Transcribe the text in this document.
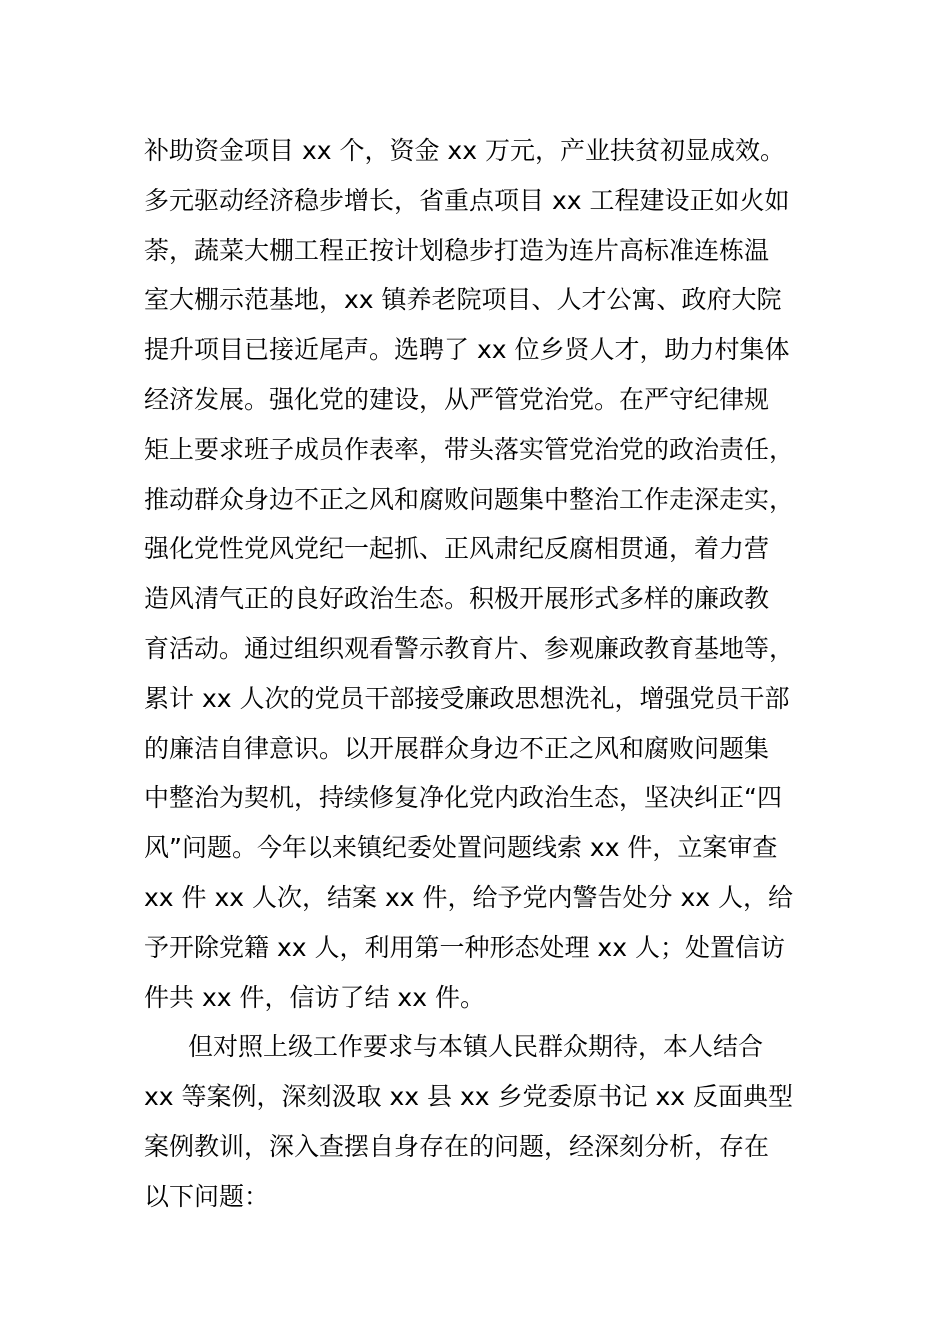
补助资金项目 xx 个，资金 xx 万元，产业扶贫初显成效。
多元驱动经济稳步增长，省重点项目 xx 工程建设正如火如
荼，蔬菜大棚工程正按计划稳步打造为连片高标准连栋温
室大棚示范基地，xx 镇养老院项目、人才公寓、政府大院
提升项目已接近尾声。选聘了 xx 位乡贤人才，助力村集体
经济发展。强化党的建设，从严管党治党。在严守纪律规
矩上要求班子成员作表率，带头落实管党治党的政治责任，
推动群众身边不正之风和腐败问题集中整治工作走深走实，
强化党性党风党纪一起抓、正风肃纪反腐相贯通，着力营
造风清气正的良好政治生态。积极开展形式多样的廉政教
育活动。通过组织观看警示教育片、参观廉政教育基地等，
累计 xx 人次的党员干部接受廉政思想洗礼，增强党员干部
的廉洁自律意识。以开展群众身边不正之风和腐败问题集
中整治为契机，持续修复净化党内政治生态，坚决纠正“四
风”问题。今年以来镇纪委处置问题线索 xx 件，立案审查
xx 件 xx 人次，结案 xx 件，给予党内警告处分 xx 人，给
予开除党籍 xx 人，利用第一种形态处理 xx 人；处置信访
件共 xx 件，信访了结 xx 件。
但对照上级工作要求与本镇人民群众期待，本人结合
xx 等案例，深刻汲取 xx 县 xx 乡党委原书记 xx 反面典型
案例教训，深入查摆自身存在的问题，经深刻分析，存在
以下问题：
